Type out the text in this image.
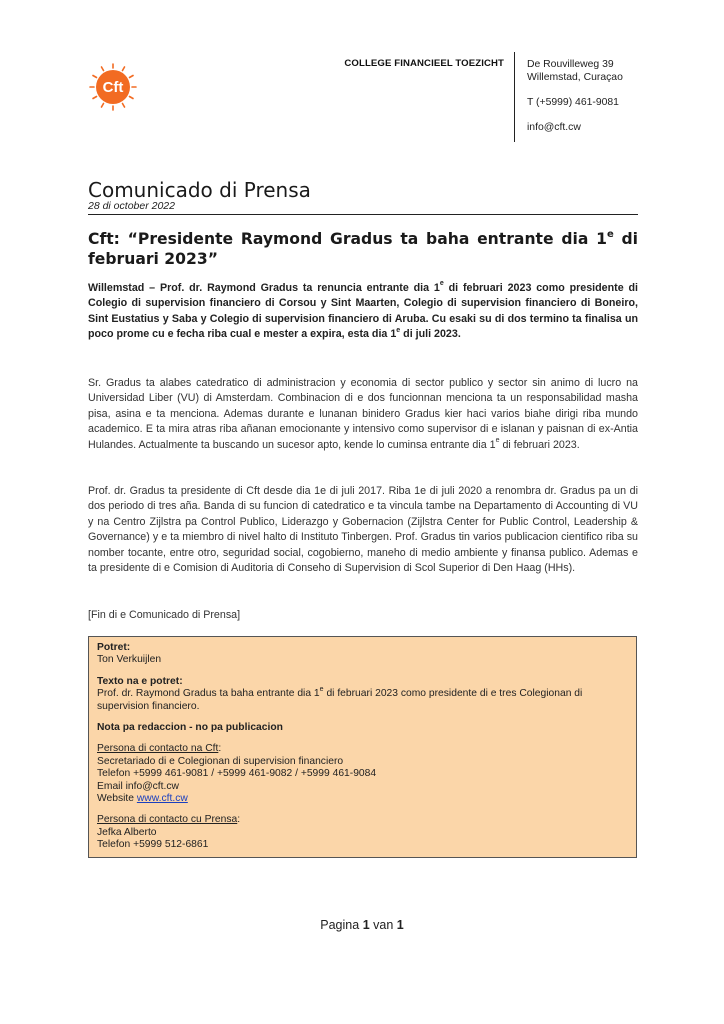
Cft
COLLEGE FINANCIEEL TOEZICHT De Rouvilleweg 39
Willemstad, Curaçao
T (+5999) 461-9081
info@cft.cw
Comunicado di Prensa
28 di october 2022
Cft: “Presidente Raymond Gradus ta baha entrante dia 1e di februari 2023”

Willemstad – Prof. dr. Raymond Gradus ta renuncia entrante dia 1e di februari 2023 como presidente di Colegio di supervision financiero di Corsou y Sint Maarten, Colegio di supervision financiero di Boneiro, Sint Eustatius y Saba y Colegio di supervision financiero di Aruba. Cu esaki su di dos termino ta finalisa un poco prome cu e fecha riba cual e mester a expira, esta dia 1e di juli 2023.

Sr. Gradus ta alabes catedratico di administracion y economia di sector publico y sector sin animo di lucro na Universidad Liber (VU) di Amsterdam. Combinacion di e dos funcionnan menciona ta un responsabilidad masha pisa, asina e ta menciona. Ademas durante e lunanan binidero Gradus kier haci varios biahe dirigi riba mundo academico. E ta mira atras riba añanan emocionante y intensivo como supervisor di e islanan y paisnan di ex-Antia Hulandes. Actualmente ta buscando un sucesor apto, kende lo cuminsa entrante dia 1e di februari 2023.

Prof. dr. Gradus ta presidente di Cft desde dia 1e di juli 2017. Riba 1e di juli 2020 a renombra dr. Gradus pa un di dos periodo di tres aña. Banda di su funcion di catedratico e ta vincula tambe na Departamento di Accounting di VU y na Centro Zijlstra pa Control Publico, Liderazgo y Gobernacion (Zijlstra Center for Public Control, Leadership & Governance) y e ta miembro di nivel halto di Instituto Tinbergen. Prof. Gradus tin varios publicacion cientifico riba su nomber tocante, entre otro, seguridad social, cogobierno, maneho di medio ambiente y finansa publico. Ademas e ta presidente di e Comision di Auditoria di Conseho di Supervision di Scol Superior di Den Haag (HHs).

[Fin di e Comunicado di Prensa]

Potret:

Ton Verkuijlen

Texto na e potret:

Prof. dr. Raymond Gradus ta baha entrante dia 1e di februari 2023 como presidente di e tres Colegionan di supervision financiero.

Nota pa redaccion - no pa publicacion

Persona di contacto na Cft:

Secretariado di e Colegionan di supervision financiero

Telefon +5999 461-9081 / +5999 461-9082 / +5999 461-9084

Email info@cft.cw

Website www.cft.cw

Persona di contacto cu Prensa:

Jefka Alberto

Telefon +5999 512-6861

Pagina 1 van 1
